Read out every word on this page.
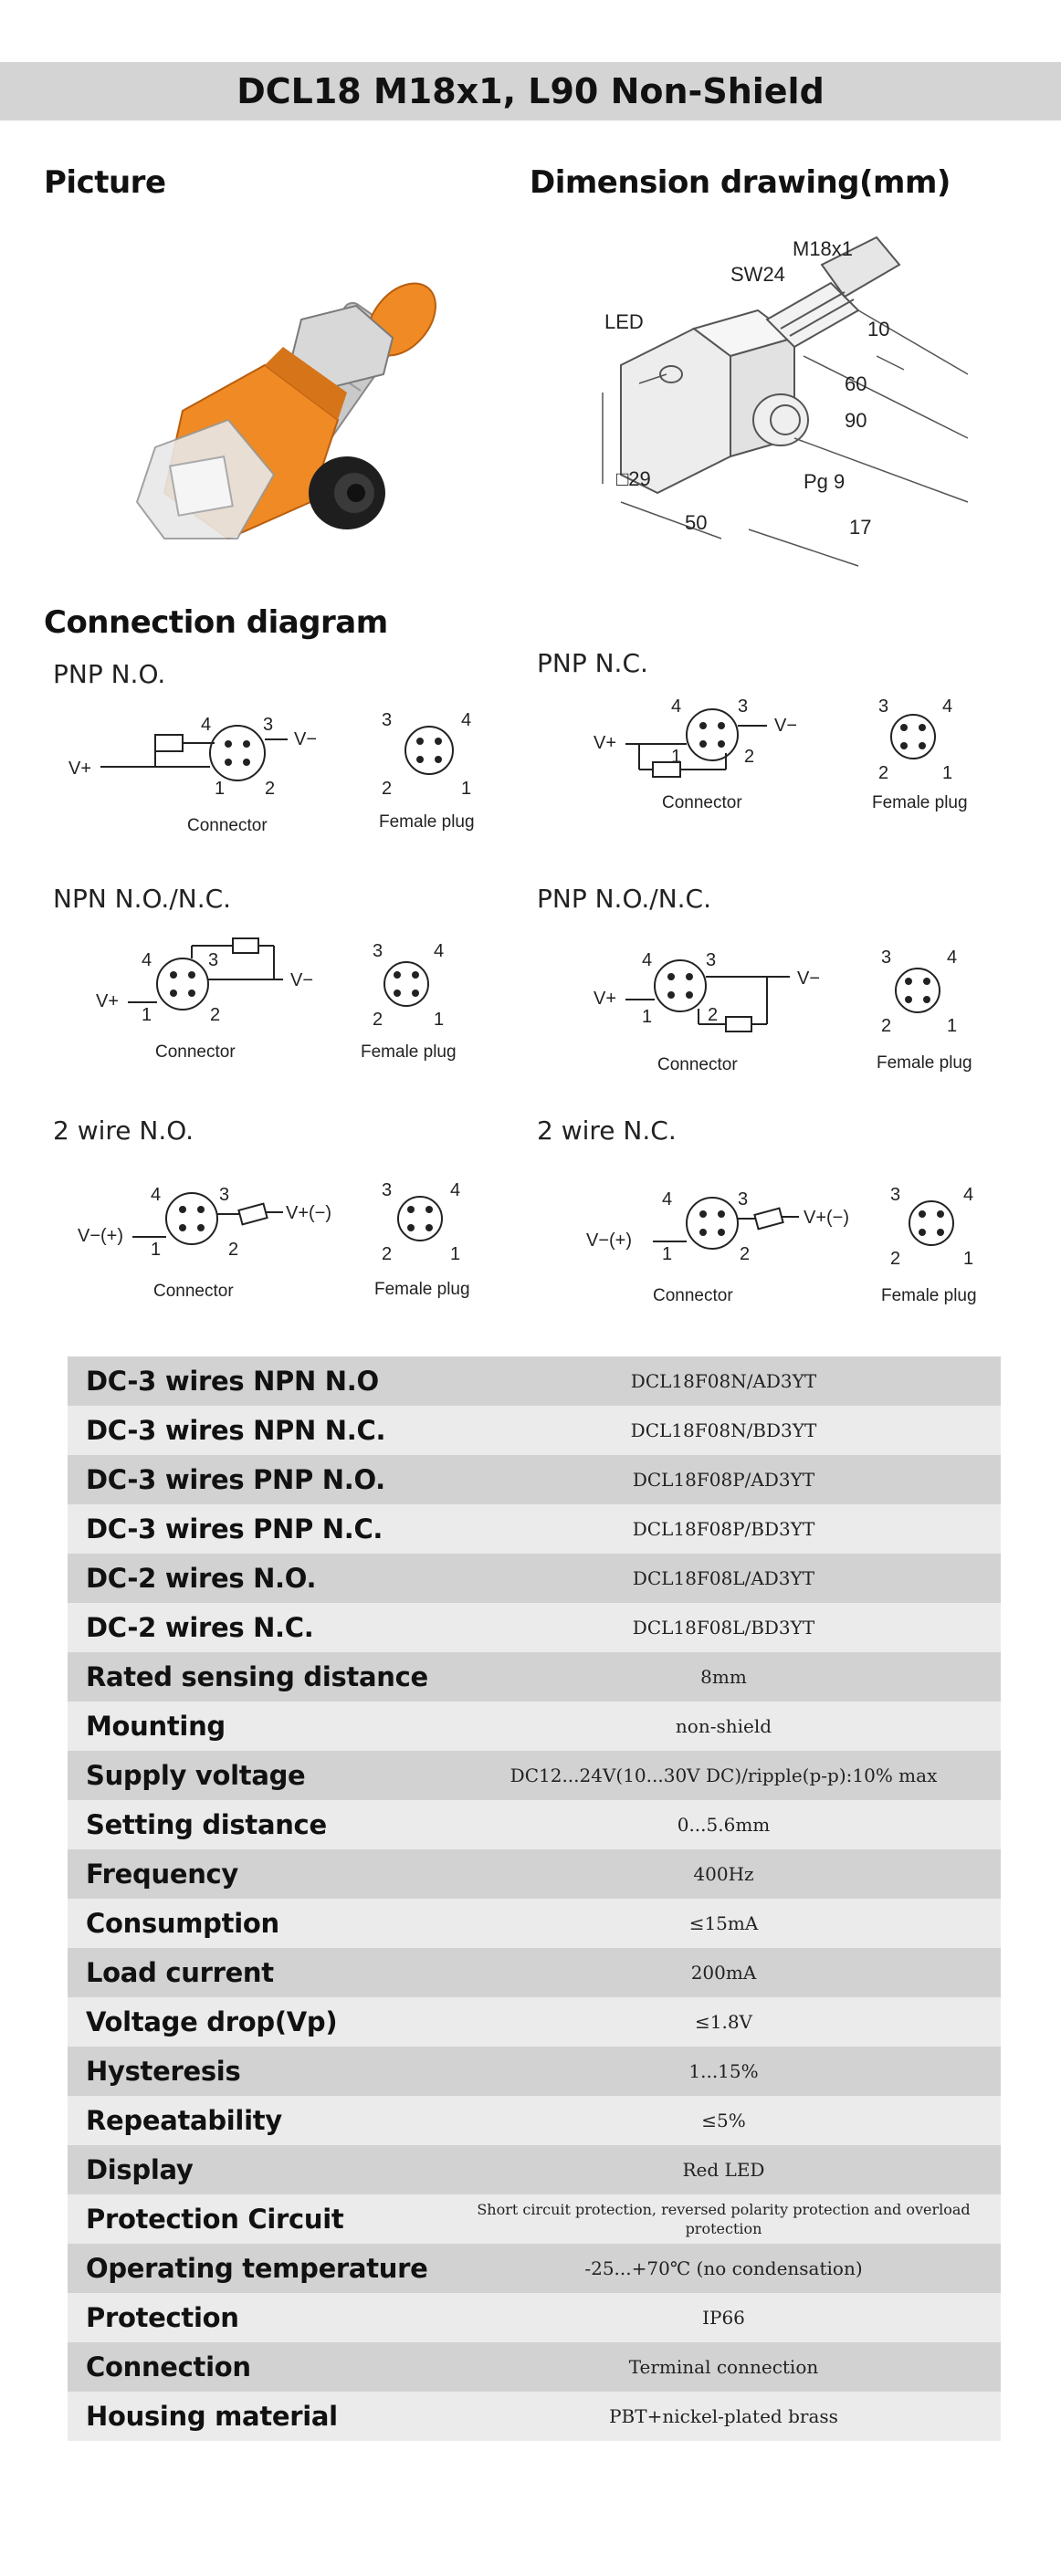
DCL18 M18x1, L90 Non-Shield
Picture	Dimension drawing(mm)
M18x1
SW24
LED	10
60
90
□29
50
Pg 9
17
Connection diagram
PNP N.O.	PNP N.C.
NPN N.O./N.C.	PNP N.O./N.C.
2 wire N.O.	2 wire N.C.
4	3
1 2
V+
V−
Connector	Female plug
3	4
2	1
4	3
1	2
V+
V−
Connector	Female plug
3	4
2	1
4	3
1	2
V+
V−
Connector	Female plug
3	4
2	1
4	3
1	2
V+
V−
Connector	Female plug
3	4
2	1
4	3
1	2
V−(+)
V+(−)
Connector	Female plug
3	4
2	1
4	3
1	2
V−(+)
V+(−)
Connector	Female plug
3	4
2	1
DC-3 wires NPN N.O	DCL18F08N/AD3YT
DC-3 wires NPN N.C.	DCL18F08N/BD3YT
DC-3 wires PNP N.O.	DCL18F08P/AD3YT
DC-3 wires PNP N.C.	DCL18F08P/BD3YT
DC-2 wires N.O.	DCL18F08L/AD3YT
DC-2 wires N.C.	DCL18F08L/BD3YT
Rated sensing distance	8mm
Mounting	non-shield
Supply voltage	DC12...24V(10...30V DC)/ripple(p-p):10% max
Setting distance	0...5.6mm
Frequency	400Hz
Consumption	≤15mA
Load current	200mA
Voltage drop(Vp)	≤1.8V
Hysteresis	1...15%
Repeatability	≤5%
Display	Red LED
Protection Circuit	Short circuit protection, reversed polarity protection and overload protection
Operating temperature	-25...+70℃ (no condensation)
Protection	IP66
Connection	Terminal connection
Housing material	PBT+nickel-plated brass
